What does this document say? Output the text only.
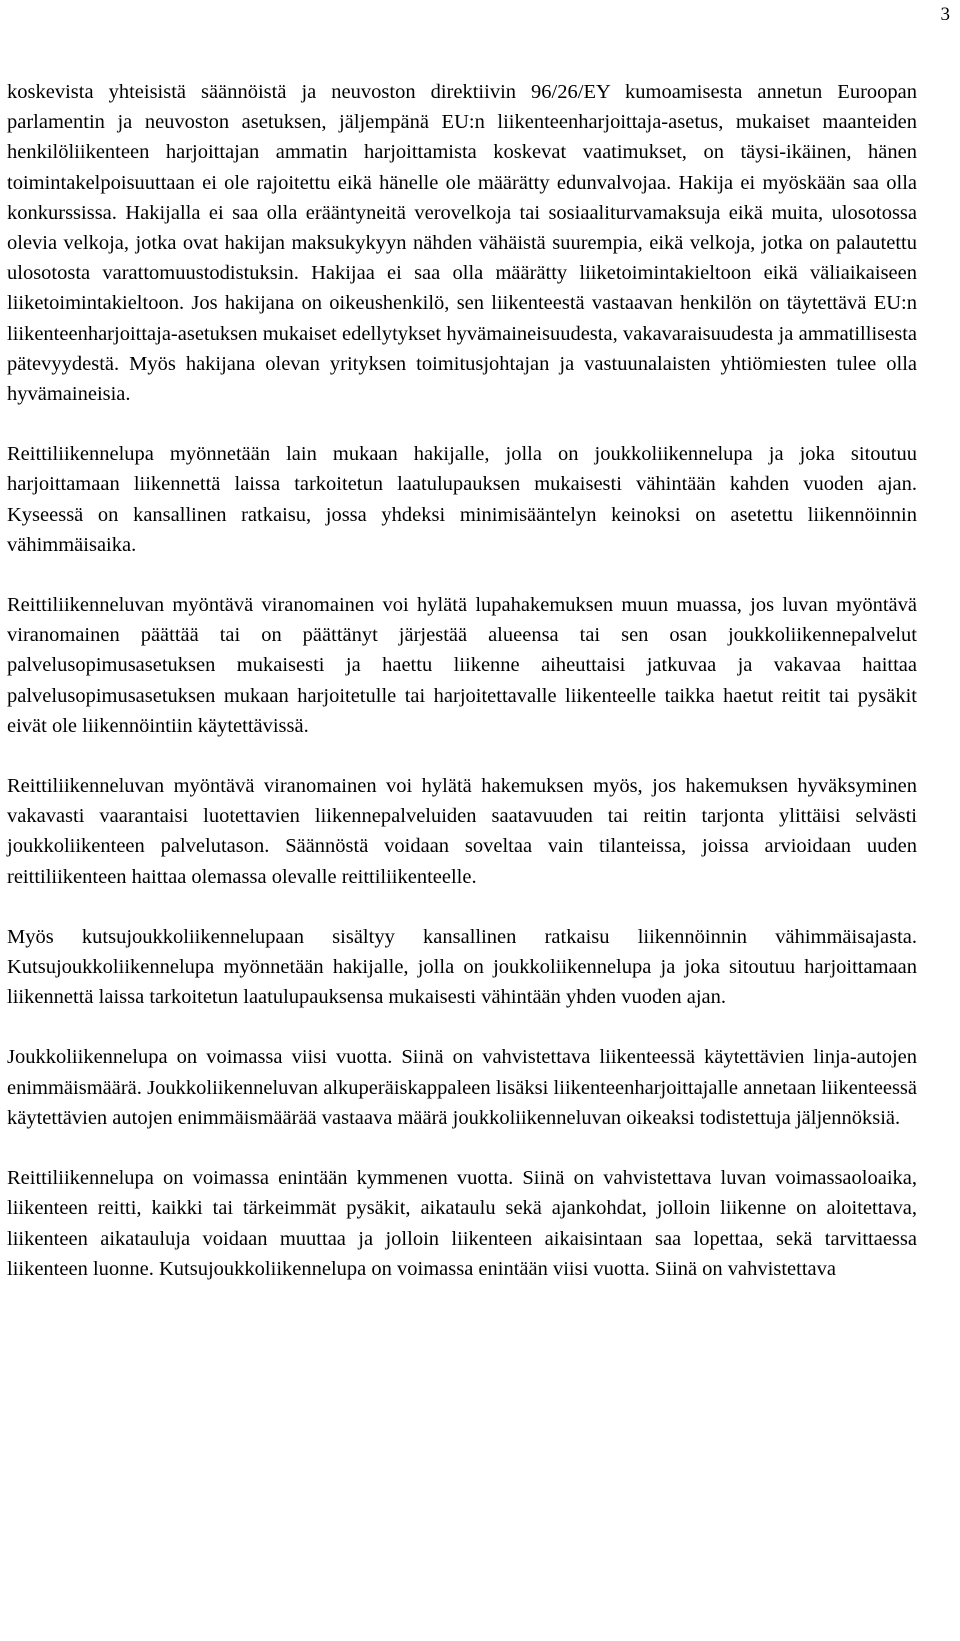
3

koskevista yhteisistä säännöistä ja neuvoston direktiivin 96/26/EY kumoamisesta annetun Euroopan parlamentin ja neuvoston asetuksen, jäljempänä EU:n liikenteenharjoittaja-asetus, mukaiset maanteiden henkilöliikenteen harjoittajan ammatin harjoittamista koskevat vaatimukset, on täysi-ikäinen, hänen toimintakelpoisuuttaan ei ole rajoitettu eikä hänelle ole määrätty edunvalvojaa. Hakija ei myöskään saa olla konkurssissa. Hakijalla ei saa olla erääntyneitä verovelkoja tai sosiaaliturvamaksuja eikä muita, ulosotossa olevia velkoja, jotka ovat hakijan maksukykyyn nähden vähäistä suurempia, eikä velkoja, jotka on palautettu ulosotosta varattomuustodistuksin. Hakijaa ei saa olla määrätty liiketoimintakieltoon eikä väliaikaiseen liiketoimintakieltoon. Jos hakijana on oikeushenkilö, sen liikenteestä vastaavan henkilön on täytettävä EU:n liikenteenharjoittaja-asetuksen mukaiset edellytykset hyvämaineisuudesta, vakavaraisuudesta ja ammatillisesta pätevyydestä. Myös hakijana olevan yrityksen toimitusjohtajan ja vastuunalaisten yhtiömiesten tulee olla hyvämaineisia.

Reittiliikennelupa myönnetään lain mukaan hakijalle, jolla on joukkoliikennelupa ja joka sitoutuu harjoittamaan liikennettä laissa tarkoitetun laatulupauksen mukaisesti vähintään kahden vuoden ajan. Kyseessä on kansallinen ratkaisu, jossa yhdeksi minimisääntelyn keinoksi on asetettu liikennöinnin vähimmäisaika.

Reittiliikenneluvan myöntävä viranomainen voi hylätä lupahakemuksen muun muassa, jos luvan myöntävä viranomainen päättää tai on päättänyt järjestää alueensa tai sen osan joukkoliikennepalvelut palvelusopimusasetuksen mukaisesti ja haettu liikenne aiheuttaisi jatkuvaa ja vakavaa haittaa palvelusopimusasetuksen mukaan harjoitetulle tai harjoitettavalle liikenteelle taikka haetut reitit tai pysäkit eivät ole liikennöintiin käytettävissä.

Reittiliikenneluvan myöntävä viranomainen voi hylätä hakemuksen myös, jos hakemuksen hyväksyminen vakavasti vaarantaisi luotettavien liikennepalveluiden saatavuuden tai reitin tarjonta ylittäisi selvästi joukkoliikenteen palvelutason. Säännöstä voidaan soveltaa vain tilanteissa, joissa arvioidaan uuden reittiliikenteen haittaa olemassa olevalle reittiliikenteelle.

Myös kutsujoukkoliikennelupaan sisältyy kansallinen ratkaisu liikennöinnin vähimmäisajasta. Kutsujoukkoliikennelupa myönnetään hakijalle, jolla on joukkoliikennelupa ja joka sitoutuu harjoittamaan liikennettä laissa tarkoitetun laatulupauksensa mukaisesti vähintään yhden vuoden ajan.

Joukkoliikennelupa on voimassa viisi vuotta. Siinä on vahvistettava liikenteessä käytettävien linja-autojen enimmäismäärä. Joukkoliikenneluvan alkuperäiskappaleen lisäksi liikenteenharjoittajalle annetaan liikenteessä käytettävien autojen enimmäismäärää vastaava määrä joukkoliikenneluvan oikeaksi todistettuja jäljennöksiä.

Reittiliikennelupa on voimassa enintään kymmenen vuotta. Siinä on vahvistettava luvan voimassaoloaika, liikenteen reitti, kaikki tai tärkeimmät pysäkit, aikataulu sekä ajankohdat, jolloin liikenne on aloitettava, liikenteen aikatauluja voidaan muuttaa ja jolloin liikenteen aikaisintaan saa lopettaa, sekä tarvittaessa liikenteen luonne. Kutsujoukkoliikennelupa on voimassa enintään viisi vuotta. Siinä on vahvistettava
